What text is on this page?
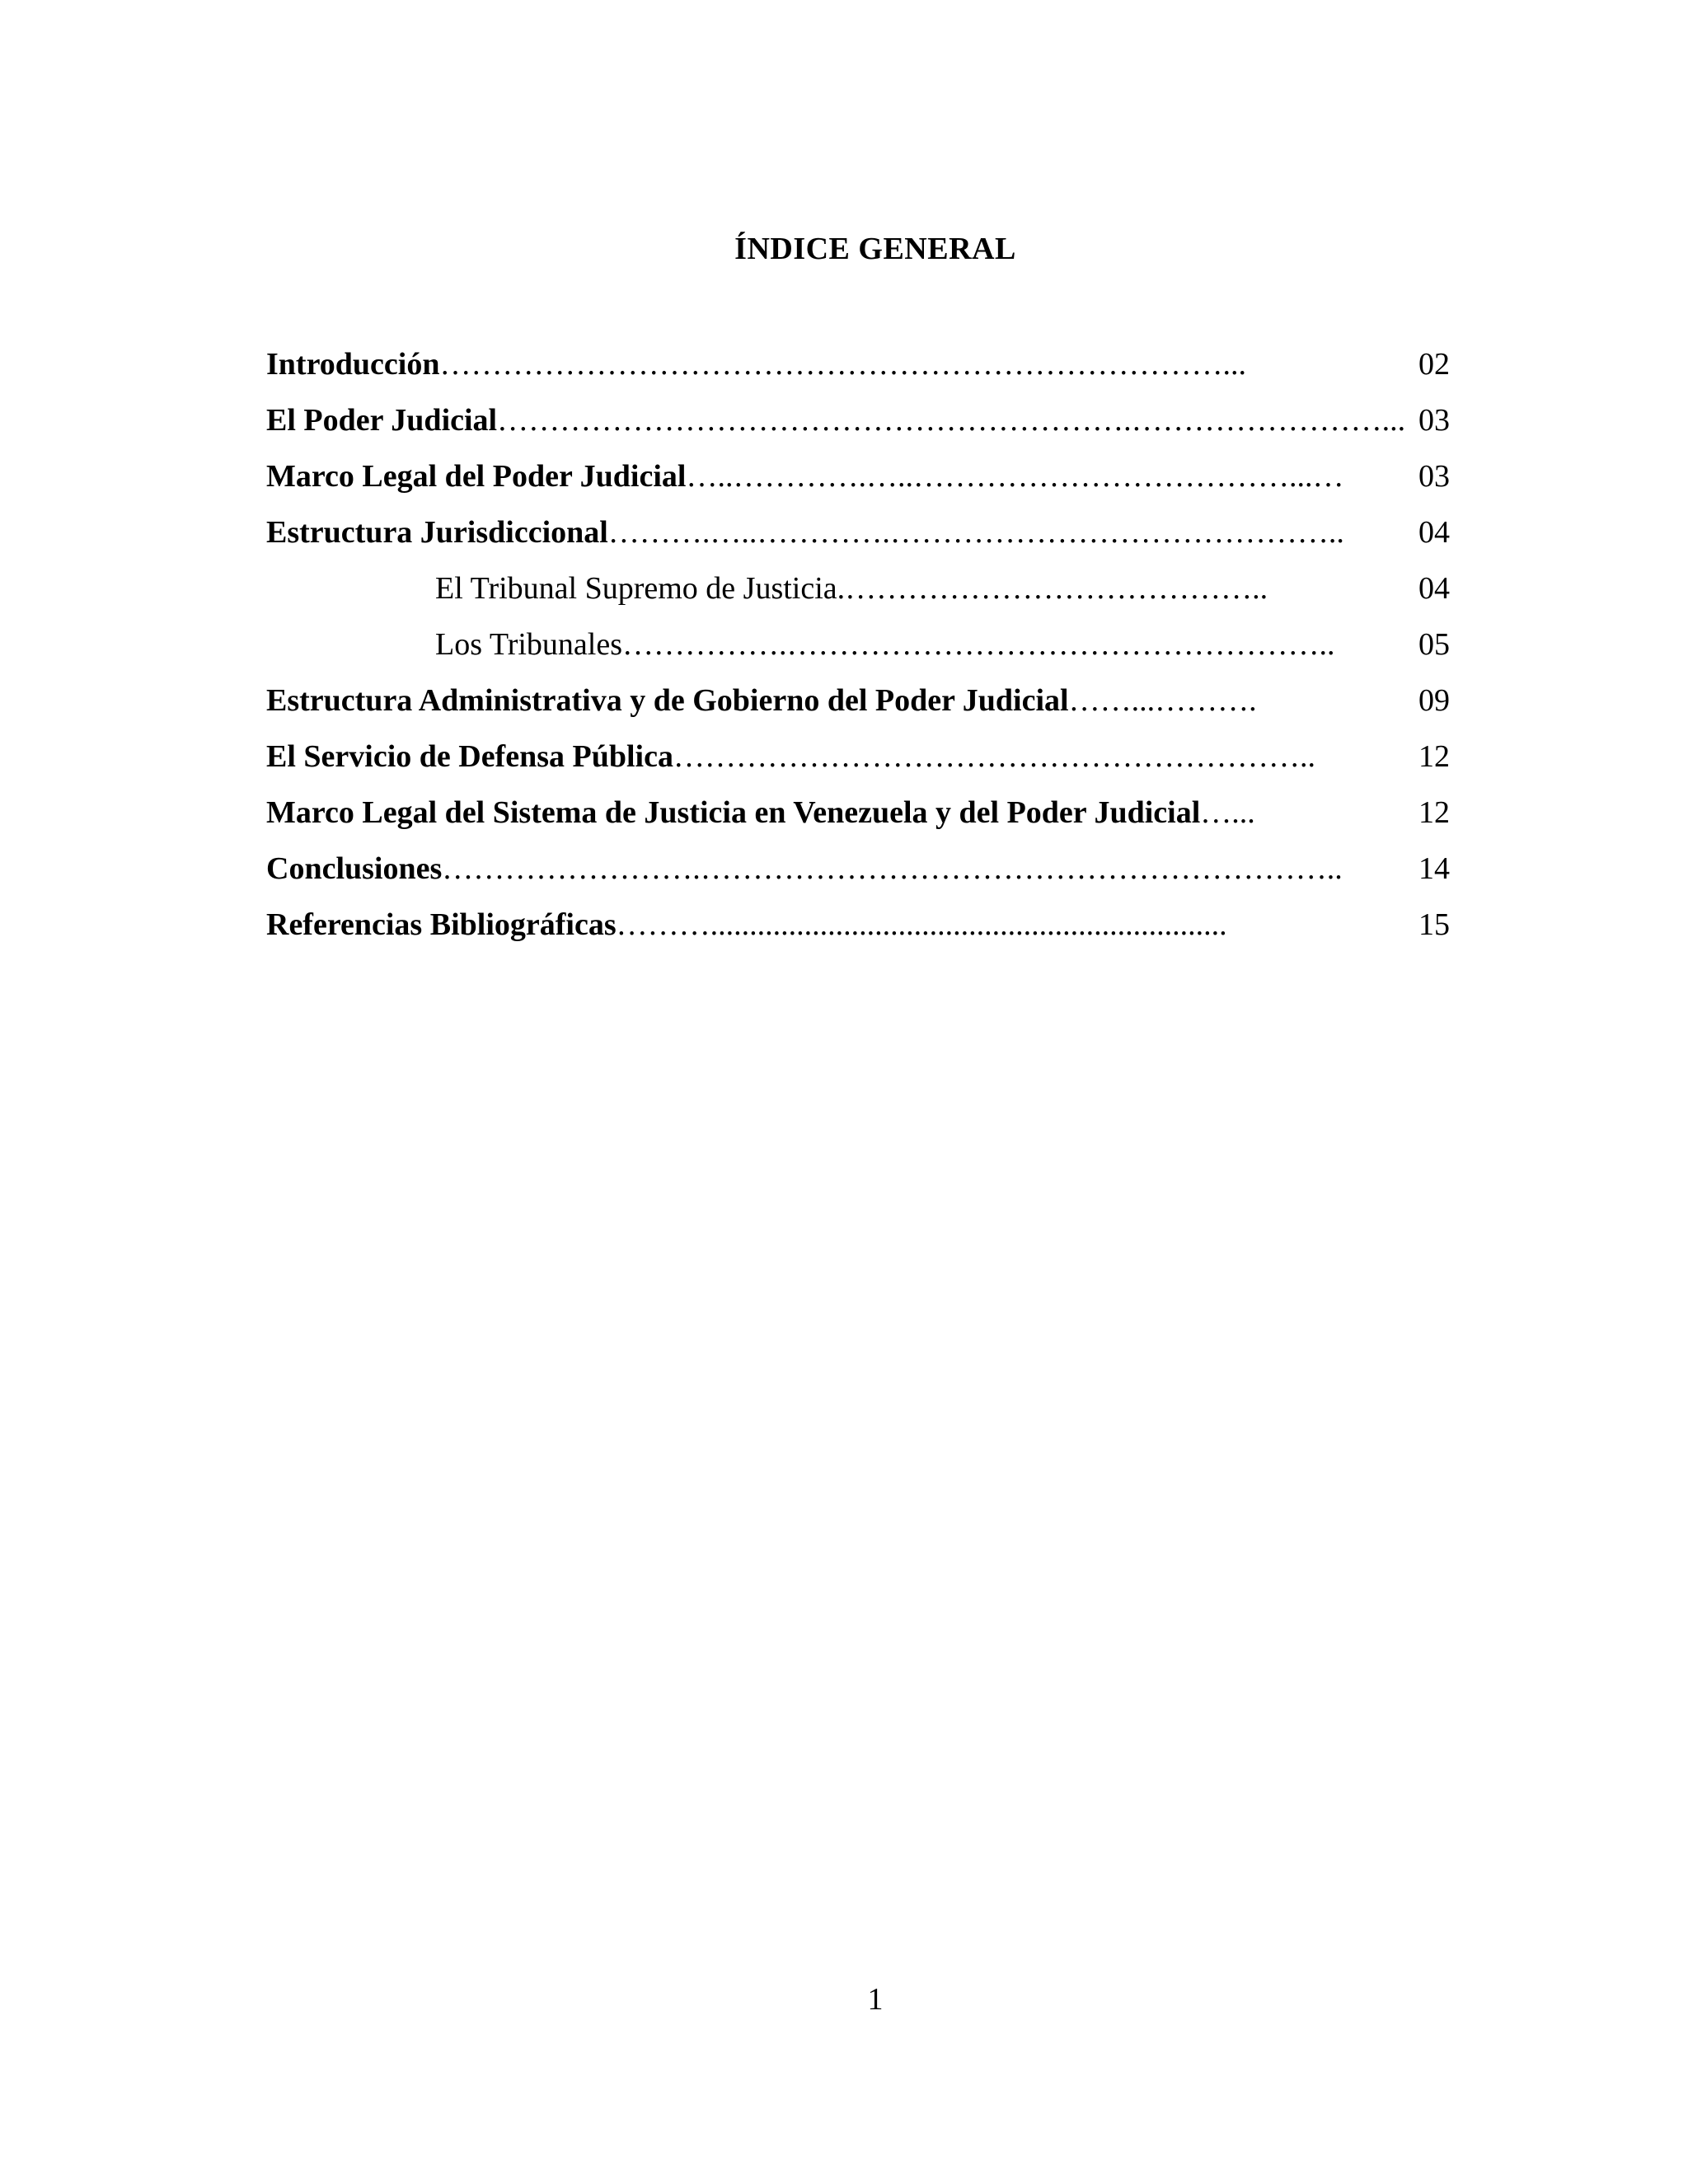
ÍNDICE GENERAL
Introducción…………………………………………………………………...	02
El Poder Judicial…………………………………………………….……………………... 03
Marco Legal del Poder Judicial…..………….…..………………………………...… 03
Estructura Jurisdiccional……….…..………….…………………………………….. 04
El Tribunal Supremo de Justicia.…………………………………..	04
Los Tribunales…………….……………………………………………..	05
Estructura Administrativa y de Gobierno del Poder Judicial……...……….	09
El Servicio de Defensa Pública……………………………………………………..	12
Marco Legal del Sistema de Justicia en Venezuela y del Poder Judicial…...	12
Conclusiones…………………….…………………………………………………….. 14
Referencias Bibliográficas………..................................................................	15
1
